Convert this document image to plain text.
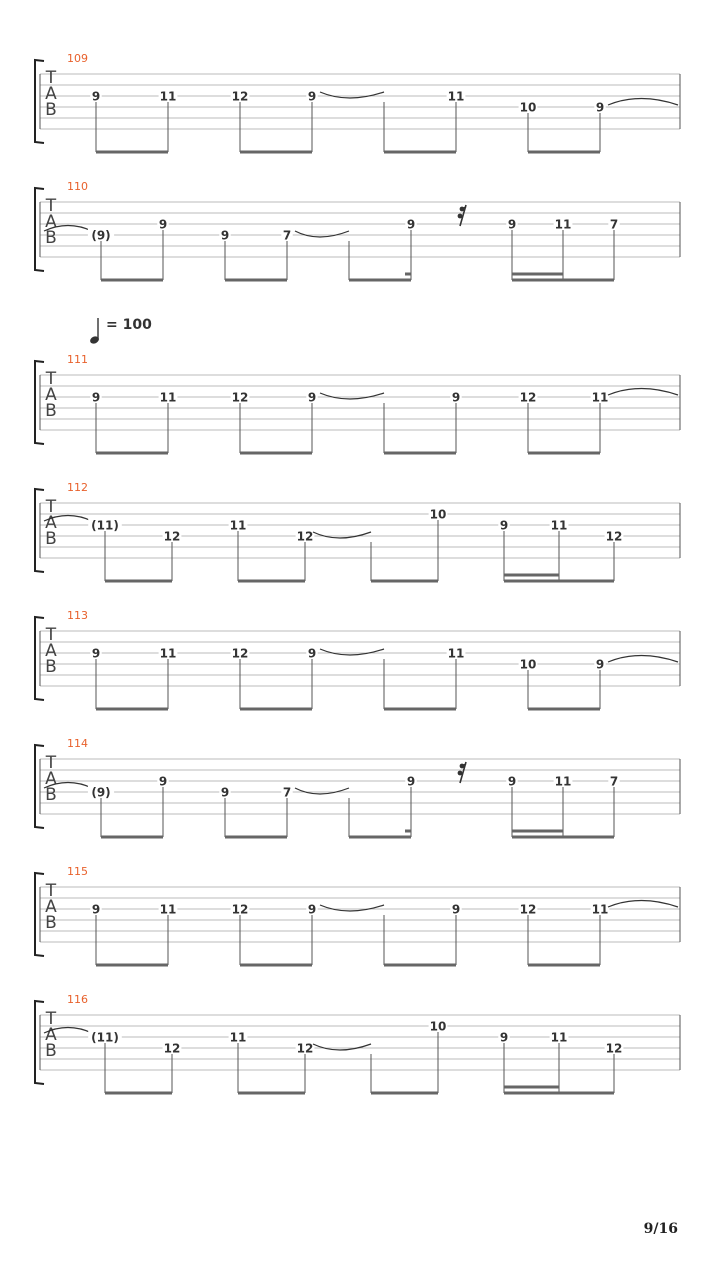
T
A
B
109
9	11	12	9	11
10	9
T
A
B
110
(9)
9
9	7
9	9	11	7
T
A
B
111
9	11	12	9	9	12	11
T
A
B
112
(11)
12
11
12
10
9	11
12
T
A
B
113
9	11	12	9	11
10	9
T
A
B
114
(9)
9
9	7
9	9	11	7
T
A
B
115
9	11	12	9	9	12	11
T
A
B
116
(11)
12
11
12
10
9	11
12
= 100
9/16
